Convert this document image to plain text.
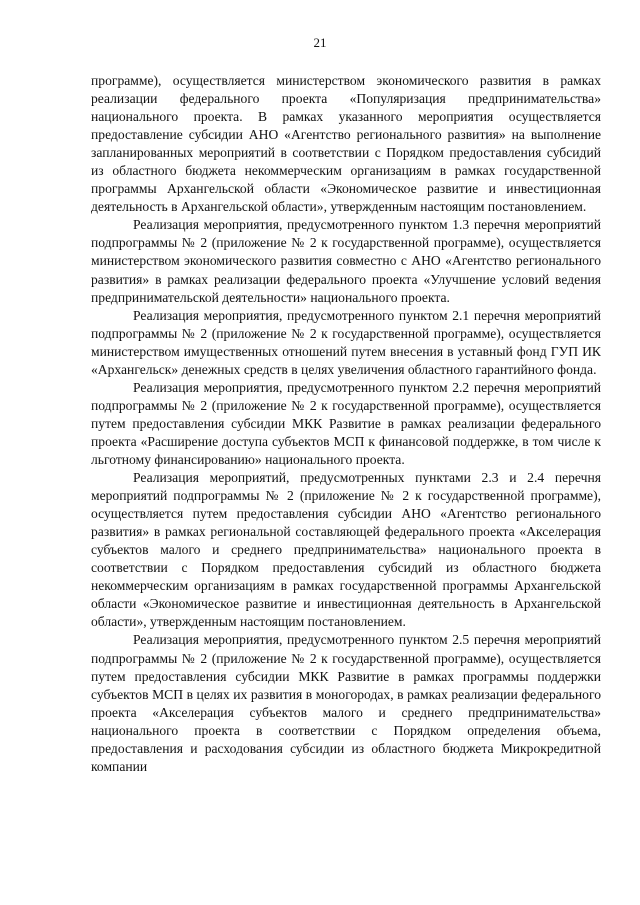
21

программе), осуществляется министерством экономического развития в рамках реализации федерального проекта «Популяризация предпринимательства» национального проекта. В рамках указанного мероприятия осуществляется предоставление субсидии АНО «Агентство регионального развития» на выполнение запланированных мероприятий в соответствии с Порядком предоставления субсидий из областного бюджета некоммерческим организациям в рамках государственной программы Архангельской области «Экономическое развитие и инвестиционная деятельность в Архангельской области», утвержденным настоящим постановлением.

Реализация мероприятия, предусмотренного пунктом 1.3 перечня мероприятий подпрограммы № 2 (приложение № 2 к государственной программе), осуществляется министерством экономического развития совместно с АНО «Агентство регионального развития» в рамках реализации федерального проекта «Улучшение условий ведения предпринимательской деятельности» национального проекта.

Реализация мероприятия, предусмотренного пунктом 2.1 перечня мероприятий подпрограммы № 2 (приложение № 2 к государственной программе), осуществляется министерством имущественных отношений путем внесения в уставный фонд ГУП ИК «Архангельск» денежных средств в целях увеличения областного гарантийного фонда.

Реализация мероприятия, предусмотренного пунктом 2.2 перечня мероприятий подпрограммы № 2 (приложение № 2 к государственной программе), осуществляется путем предоставления субсидии МКК Развитие в рамках реализации федерального проекта «Расширение доступа субъектов МСП к финансовой поддержке, в том числе к льготному финансированию» национального проекта.

Реализация мероприятий, предусмотренных пунктами 2.3 и 2.4 перечня мероприятий подпрограммы № 2 (приложение № 2 к государственной программе), осуществляется путем предоставления субсидии АНО «Агентство регионального развития» в рамках региональной составляющей федерального проекта «Акселерация субъектов малого и среднего предпринимательства» национального проекта в соответствии с Порядком предоставления субсидий из областного бюджета некоммерческим организациям в рамках государственной программы Архангельской области «Экономическое развитие и инвестиционная деятельность в Архангельской области», утвержденным настоящим постановлением.

Реализация мероприятия, предусмотренного пунктом 2.5 перечня мероприятий подпрограммы № 2 (приложение № 2 к государственной программе), осуществляется путем предоставления субсидии МКК Развитие в рамках программы поддержки субъектов МСП в целях их развития в моногородах, в рамках реализации федерального проекта «Акселерация субъектов малого и среднего предпринимательства» национального проекта в соответствии с Порядком определения объема, предоставления и расходования субсидии из областного бюджета Микрокредитной компании
